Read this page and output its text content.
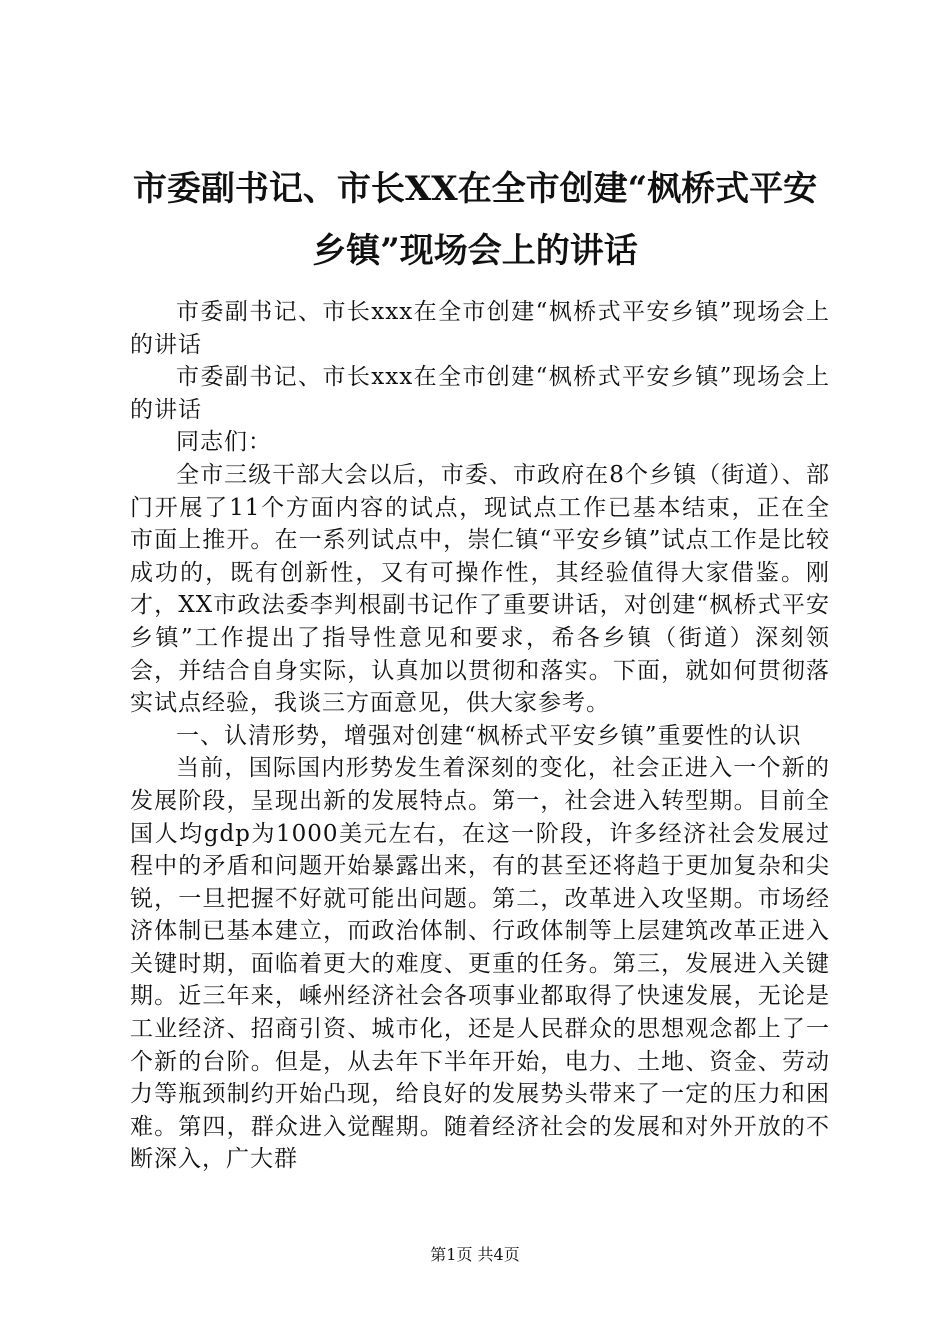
市委副书记、市长XX在全市创建“枫桥式平安乡镇”现场会上的讲话

市委副书记、市长xxx在全市创建“枫桥式平安乡镇”现场会上的讲话

市委副书记、市长xxx在全市创建“枫桥式平安乡镇”现场会上的讲话

同志们：

全市三级干部大会以后，市委、市政府在8个乡镇（街道）、部门开展了11个方面内容的试点，现试点工作已基本结束，正在全市面上推开。在一系列试点中，崇仁镇“平安乡镇”试点工作是比较成功的，既有创新性，又有可操作性，其经验值得大家借鉴。刚才，XX市政法委李判根副书记作了重要讲话，对创建“枫桥式平安乡镇”工作提出了指导性意见和要求，希各乡镇（街道）深刻领会，并结合自身实际，认真加以贯彻和落实。下面，就如何贯彻落实试点经验，我谈三方面意见，供大家参考。

一、认清形势，增强对创建“枫桥式平安乡镇”重要性的认识

当前，国际国内形势发生着深刻的变化，社会正进入一个新的发展阶段，呈现出新的发展特点。第一，社会进入转型期。目前全国人均gdp为1000美元左右，在这一阶段，许多经济社会发展过程中的矛盾和问题开始暴露出来，有的甚至还将趋于更加复杂和尖锐，一旦把握不好就可能出问题。第二，改革进入攻坚期。市场经济体制已基本建立，而政治体制、行政体制等上层建筑改革正进入关键时期，面临着更大的难度、更重的任务。第三，发展进入关键期。近三年来，嵊州经济社会各项事业都取得了快速发展，无论是工业经济、招商引资、城市化，还是人民群众的思想观念都上了一个新的台阶。但是，从去年下半年开始，电力、土地、资金、劳动力等瓶颈制约开始凸现，给良好的发展势头带来了一定的压力和困难。第四，群众进入觉醒期。随着经济社会的发展和对外开放的不断深入，广大群

第1页 共4页
